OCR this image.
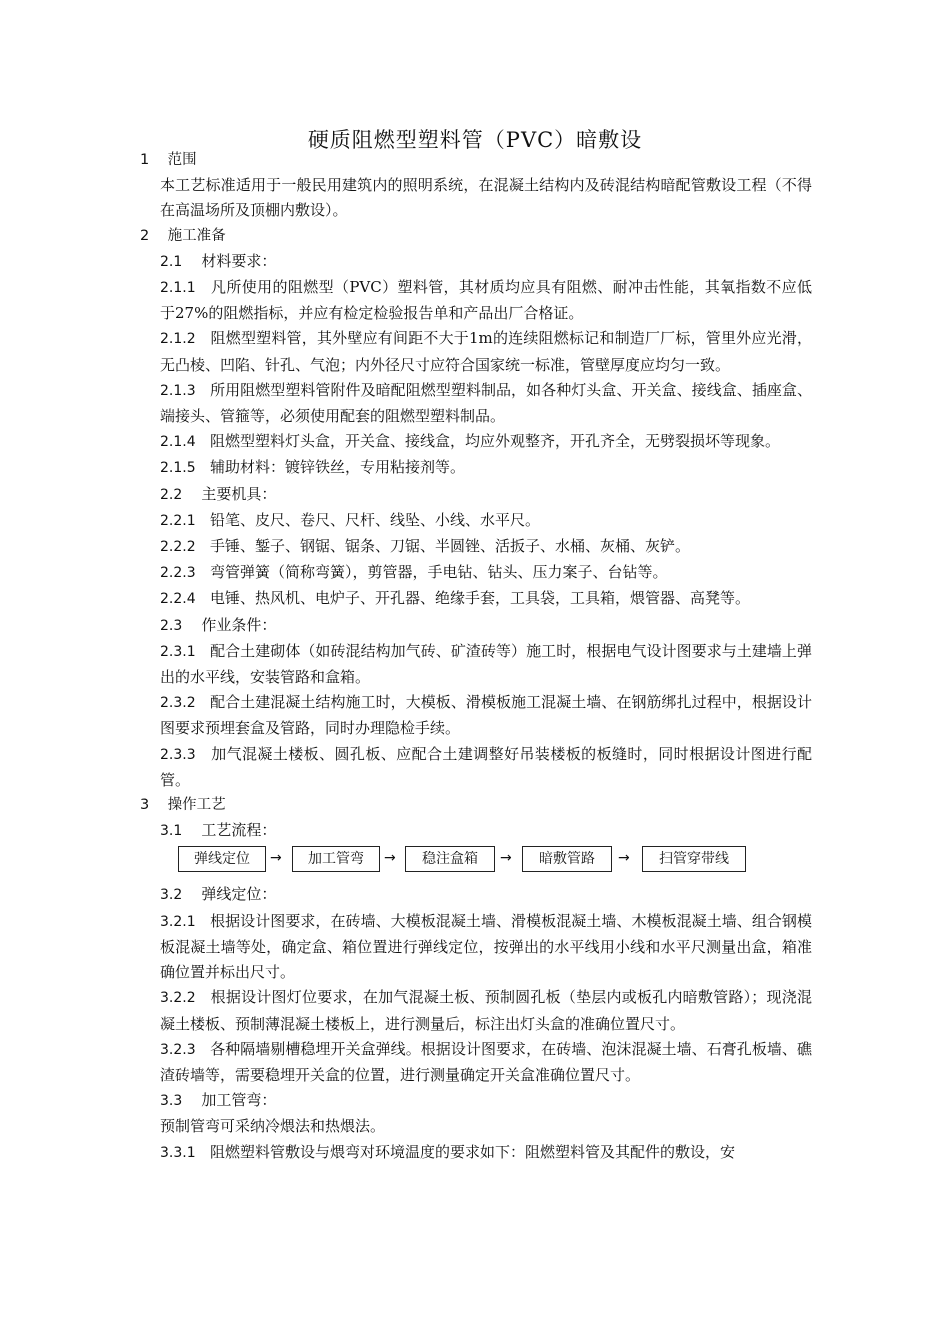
硬质阻燃型塑料管（PVC）暗敷设

1 范围

本工艺标准适用于一般民用建筑内的照明系统，在混凝土结构内及砖混结构暗配管敷设工程（不得在高温场所及顶棚内敷设）。

2 施工准备

2.1 材料要求：

2.1.1 凡所使用的阻燃型（PVC）塑料管，其材质均应具有阻燃、耐冲击性能，其氧指数不应低于27%的阻燃指标，并应有检定检验报告单和产品出厂合格证。

2.1.2 阻燃型塑料管，其外壁应有间距不大于1m的连续阻燃标记和制造厂厂标，管里外应光滑，无凸棱、凹陷、针孔、气泡；内外径尺寸应符合国家统一标准，管壁厚度应均匀一致。

2.1.3 所用阻燃型塑料管附件及暗配阻燃型塑料制品，如各种灯头盒、开关盒、接线盒、插座盒、端接头、管箍等，必须使用配套的阻燃型塑料制品。

2.1.4 阻燃型塑料灯头盒，开关盒、接线盒，均应外观整齐，开孔齐全，无劈裂损坏等现象。

2.1.5 辅助材料：镀锌铁丝，专用粘接剂等。

2.2 主要机具：

2.2.1 铅笔、皮尺、卷尺、尺杆、线坠、小线、水平尺。

2.2.2 手锤、錾子、钢锯、锯条、刀锯、半圆锉、活扳子、水桶、灰桶、灰铲。

2.2.3 弯管弹簧（简称弯簧），剪管器，手电钻、钻头、压力案子、台钻等。

2.2.4 电锤、热风机、电炉子、开孔器、绝缘手套，工具袋，工具箱，煨管器、高凳等。

2.3 作业条件：

2.3.1 配合土建砌体（如砖混结构加气砖、矿渣砖等）施工时，根据电气设计图要求与土建墙上弹出的水平线，安装管路和盒箱。

2.3.2 配合土建混凝土结构施工时，大模板、滑模板施工混凝土墙、在钢筋绑扎过程中，根据设计图要求预埋套盒及管路，同时办理隐检手续。

2.3.3 加气混凝土楼板、圆孔板、应配合土建调整好吊装楼板的板缝时，同时根据设计图进行配管。

3 操作工艺

3.1 工艺流程：

弹线定位	→	加工管弯	→	稳注盒箱	→	暗敷管路	→	扫管穿带线

3.2 弹线定位：

3.2.1 根据设计图要求，在砖墙、大模板混凝土墙、滑模板混凝土墙、木模板混凝土墙、组合钢模板混凝土墙等处，确定盒、箱位置进行弹线定位，按弹出的水平线用小线和水平尺测量出盒，箱准确位置并标出尺寸。

3.2.2 根据设计图灯位要求，在加气混凝土板、预制圆孔板（垫层内或板孔内暗敷管路）；现浇混凝土楼板、预制薄混凝土楼板上，进行测量后，标注出灯头盒的准确位置尺寸。

3.2.3 各种隔墙剔槽稳埋开关盒弹线。根据设计图要求，在砖墙、泡沫混凝土墙、石膏孔板墙、礁渣砖墙等，需要稳埋开关盒的位置，进行测量确定开关盒准确位置尺寸。

3.3 加工管弯：

预制管弯可采纳冷煨法和热煨法。

3.3.1 阻燃塑料管敷设与煨弯对环境温度的要求如下：阻燃塑料管及其配件的敷设，安
